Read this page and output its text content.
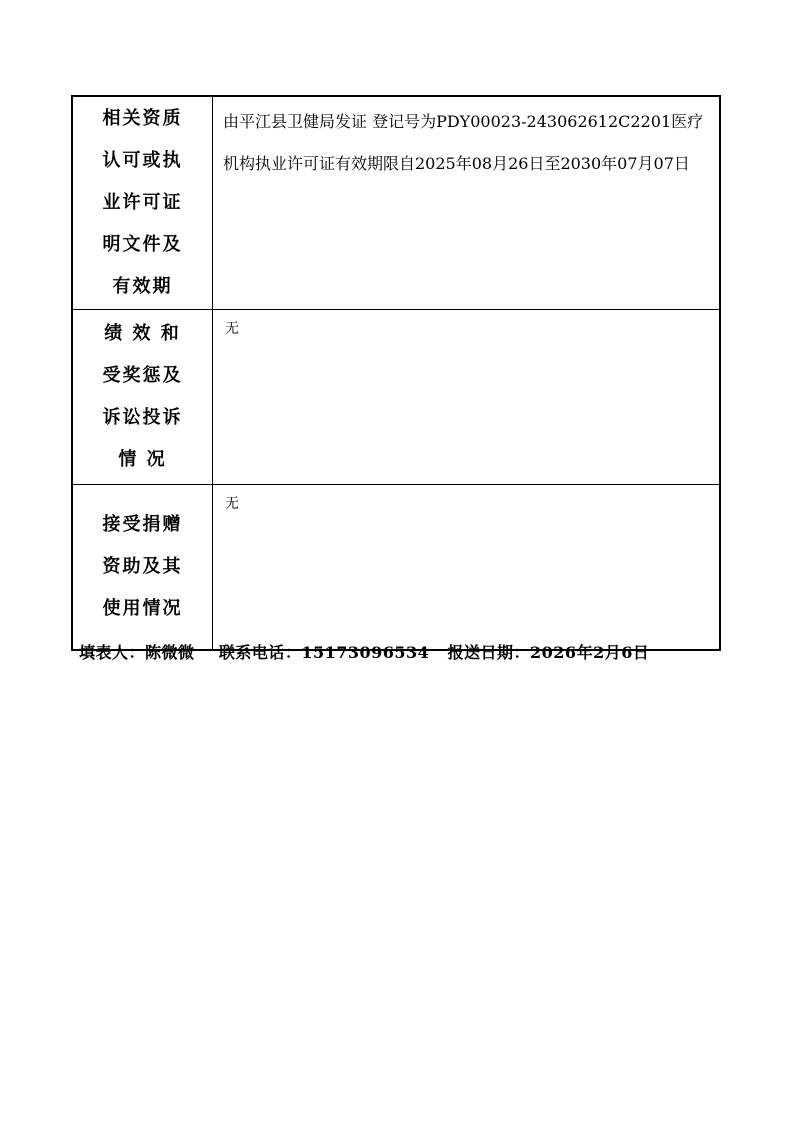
相关资质
认可或执
业许可证
明文件及
有效期	由平江县卫健局发证 登记号为PDY00023-243062612C2201医疗机构执业许可证有效期限自2025年08月26日至2030年07月07日

绩 效 和
受奖惩及
诉讼投诉
情 况	无

接受捐赠
资助及其
使用情况	无
填表人：陈微微 联系电话：15173096534 报送日期：2026年2月6日
